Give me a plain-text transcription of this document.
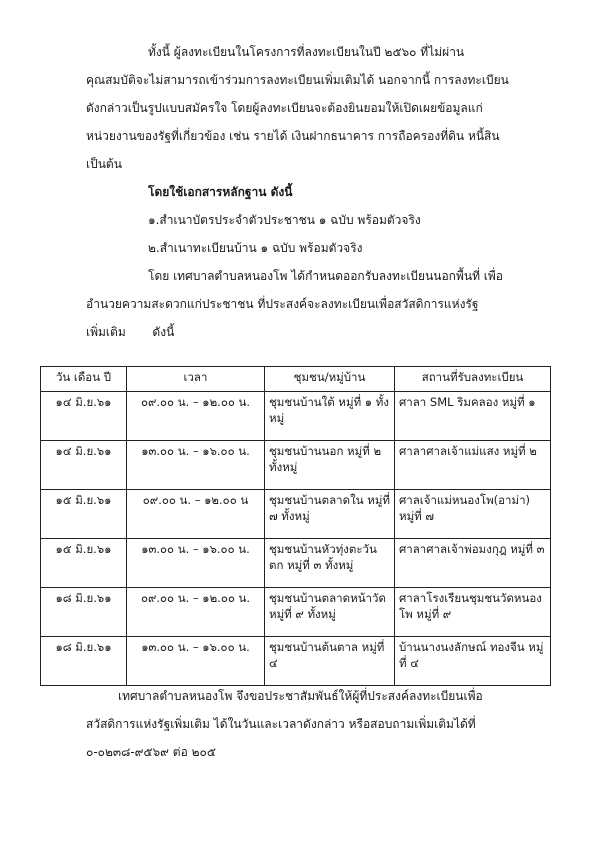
ทั้งนี้ ผู้ลงทะเบียนในโครงการที่ลงทะเบียนในปี ๒๕๖๐ ที่ไม่ผ่าน
คุณสมบัติจะไม่สามารถเข้าร่วมการลงทะเบียนเพิ่มเติมได้ นอกจากนี้ การลงทะเบียน
ดังกล่าวเป็นรูปแบบสมัครใจ โดยผู้ลงทะเบียนจะต้องยินยอมให้เปิดเผยข้อมูลแก่
หน่วยงานของรัฐที่เกี่ยวข้อง เช่น รายได้ เงินฝากธนาคาร การถือครองที่ดิน หนี้สิน
เป็นต้น
โดยใช้เอกสารหลักฐาน ดังนี้
๑.สำเนาบัตรประจำตัวประชาชน ๑ ฉบับ พร้อมตัวจริง
๒.สำเนาทะเบียนบ้าน ๑ ฉบับ พร้อมตัวจริง
โดย เทศบาลตำบลหนองโพ ได้กำหนดออกรับลงทะเบียนนอกพื้นที่ เพื่อ
อำนวยความสะดวกแก่ประชาชน ที่ประสงค์จะลงทะเบียนเพื่อสวัสดิการแห่งรัฐ
เพิ่มเติม       ดังนี้
วัน เดือน ปี	เวลา	ชุมชน/หมู่บ้าน	สถานที่รับลงทะเบียน
๑๔ มิ.ย.๖๑	๐๙.๐๐ น. – ๑๒.๐๐ น.	ชุมชนบ้านใต้ หมู่ที่ ๑ ทั้งหมู่	ศาลา SML ริมคลอง หมู่ที่ ๑
๑๔ มิ.ย.๖๑	๑๓.๐๐ น. – ๑๖.๐๐ น.	ชุมชนบ้านนอก หมู่ที่ ๒ ทั้งหมู่	ศาลาศาลเจ้าแม่แสง หมู่ที่ ๒
๑๕ มิ.ย.๖๑	๐๙.๐๐ น. – ๑๒.๐๐ น	ชุมชนบ้านตลาดใน หมู่ที่ ๗ ทั้งหมู่	ศาลเจ้าแม่หนองโพ(อาม่า) หมู่ที่ ๗
๑๕ มิ.ย.๖๑	๑๓.๐๐ น. – ๑๖.๐๐ น.	ชุมชนบ้านหัวทุ่งตะวันตก หมู่ที่ ๓ ทั้งหมู่	ศาลาศาลเจ้าพ่อมงกุฎ หมู่ที่ ๓
๑๘ มิ.ย.๖๑	๐๙.๐๐ น. – ๑๒.๐๐ น.	ชุมชนบ้านตลาดหน้าวัด หมู่ที่ ๙ ทั้งหมู่	ศาลาโรงเรียนชุมชนวัดหนองโพ หมู่ที่ ๙
๑๘ มิ.ย.๖๑	๑๓.๐๐ น. – ๑๖.๐๐ น.	ชุมชนบ้านต้นตาล หมู่ที่ ๔	บ้านนางนงลักษณ์ ทองจีน หมู่ที่ ๔
เทศบาลตำบลหนองโพ จึงขอประชาสัมพันธ์ให้ผู้ที่ประสงค์ลงทะเบียนเพื่อ
สวัสดิการแห่งรัฐเพิ่มเติม ได้ในวันและเวลาดังกล่าว หรือสอบถามเพิ่มเติมได้ที่
๐-๐๒๓๘-๙๕๖๙ ต่อ ๒๐๕
